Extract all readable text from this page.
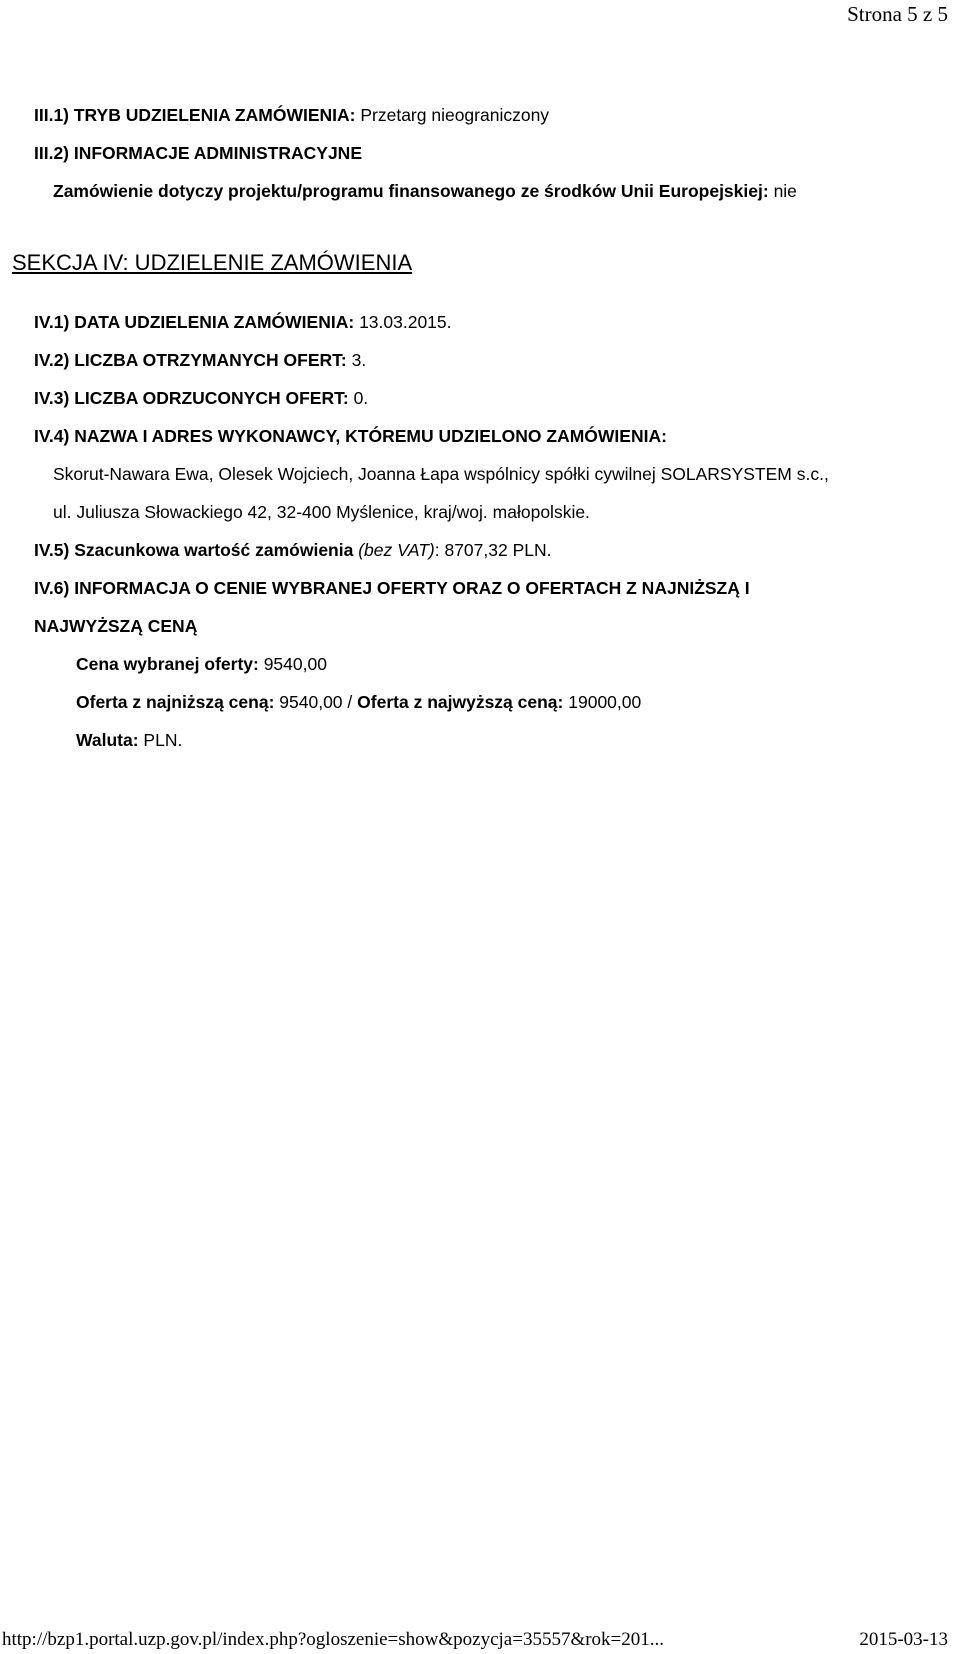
Strona 5 z 5
III.1) TRYB UDZIELENIA ZAMÓWIENIA: Przetarg nieograniczony
III.2) INFORMACJE ADMINISTRACYJNE
Zamówienie dotyczy projektu/programu finansowanego ze środków Unii Europejskiej: nie
SEKCJA IV: UDZIELENIE ZAMÓWIENIA
IV.1) DATA UDZIELENIA ZAMÓWIENIA: 13.03.2015.
IV.2) LICZBA OTRZYMANYCH OFERT: 3.
IV.3) LICZBA ODRZUCONYCH OFERT: 0.
IV.4) NAZWA I ADRES WYKONAWCY, KTÓREMU UDZIELONO ZAMÓWIENIA:
Skorut-Nawara Ewa, Olesek Wojciech, Joanna Łapa wspólnicy spółki cywilnej SOLARSYSTEM s.c.,
ul. Juliusza Słowackiego 42, 32-400 Myślenice, kraj/woj. małopolskie.
IV.5) Szacunkowa wartość zamówienia (bez VAT): 8707,32 PLN.
IV.6) INFORMACJA O CENIE WYBRANEJ OFERTY ORAZ O OFERTACH Z NAJNIŻSZĄ I
NAJWYŻSZĄ CENĄ
Cena wybranej oferty: 9540,00
Oferta z najniższą ceną: 9540,00 / Oferta z najwyższą ceną: 19000,00
Waluta: PLN.
http://bzp1.portal.uzp.gov.pl/index.php?ogloszenie=show&pozycja=35557&rok=201...	2015-03-13
